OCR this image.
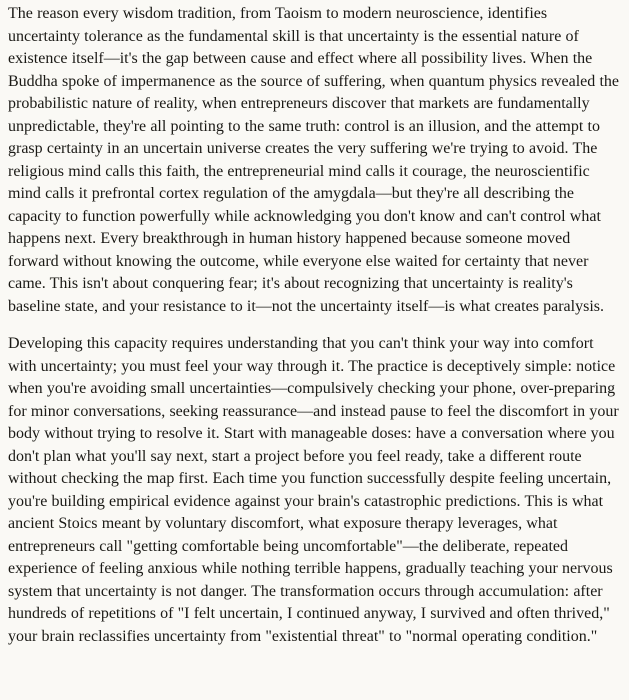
The reason every wisdom tradition, from Taoism to modern neuroscience, identifies uncertainty tolerance as the fundamental skill is that uncertainty is the essential nature of existence itself—it's the gap between cause and effect where all possibility lives. When the Buddha spoke of impermanence as the source of suffering, when quantum physics revealed the probabilistic nature of reality, when entrepreneurs discover that markets are fundamentally unpredictable, they're all pointing to the same truth: control is an illusion, and the attempt to grasp certainty in an uncertain universe creates the very suffering we're trying to avoid. The religious mind calls this faith, the entrepreneurial mind calls it courage, the neuroscientific mind calls it prefrontal cortex regulation of the amygdala—but they're all describing the capacity to function powerfully while acknowledging you don't know and can't control what happens next. Every breakthrough in human history happened because someone moved forward without knowing the outcome, while everyone else waited for certainty that never came. This isn't about conquering fear; it's about recognizing that uncertainty is reality's baseline state, and your resistance to it—not the uncertainty itself—is what creates paralysis.

Developing this capacity requires understanding that you can't think your way into comfort with uncertainty; you must feel your way through it. The practice is deceptively simple: notice when you're avoiding small uncertainties—compulsively checking your phone, over-preparing for minor conversations, seeking reassurance—and instead pause to feel the discomfort in your body without trying to resolve it. Start with manageable doses: have a conversation where you don't plan what you'll say next, start a project before you feel ready, take a different route without checking the map first. Each time you function successfully despite feeling uncertain, you're building empirical evidence against your brain's catastrophic predictions. This is what ancient Stoics meant by voluntary discomfort, what exposure therapy leverages, what entrepreneurs call "getting comfortable being uncomfortable"—the deliberate, repeated experience of feeling anxious while nothing terrible happens, gradually teaching your nervous system that uncertainty is not danger. The transformation occurs through accumulation: after hundreds of repetitions of "I felt uncertain, I continued anyway, I survived and often thrived," your brain reclassifies uncertainty from "existential threat" to "normal operating condition."
